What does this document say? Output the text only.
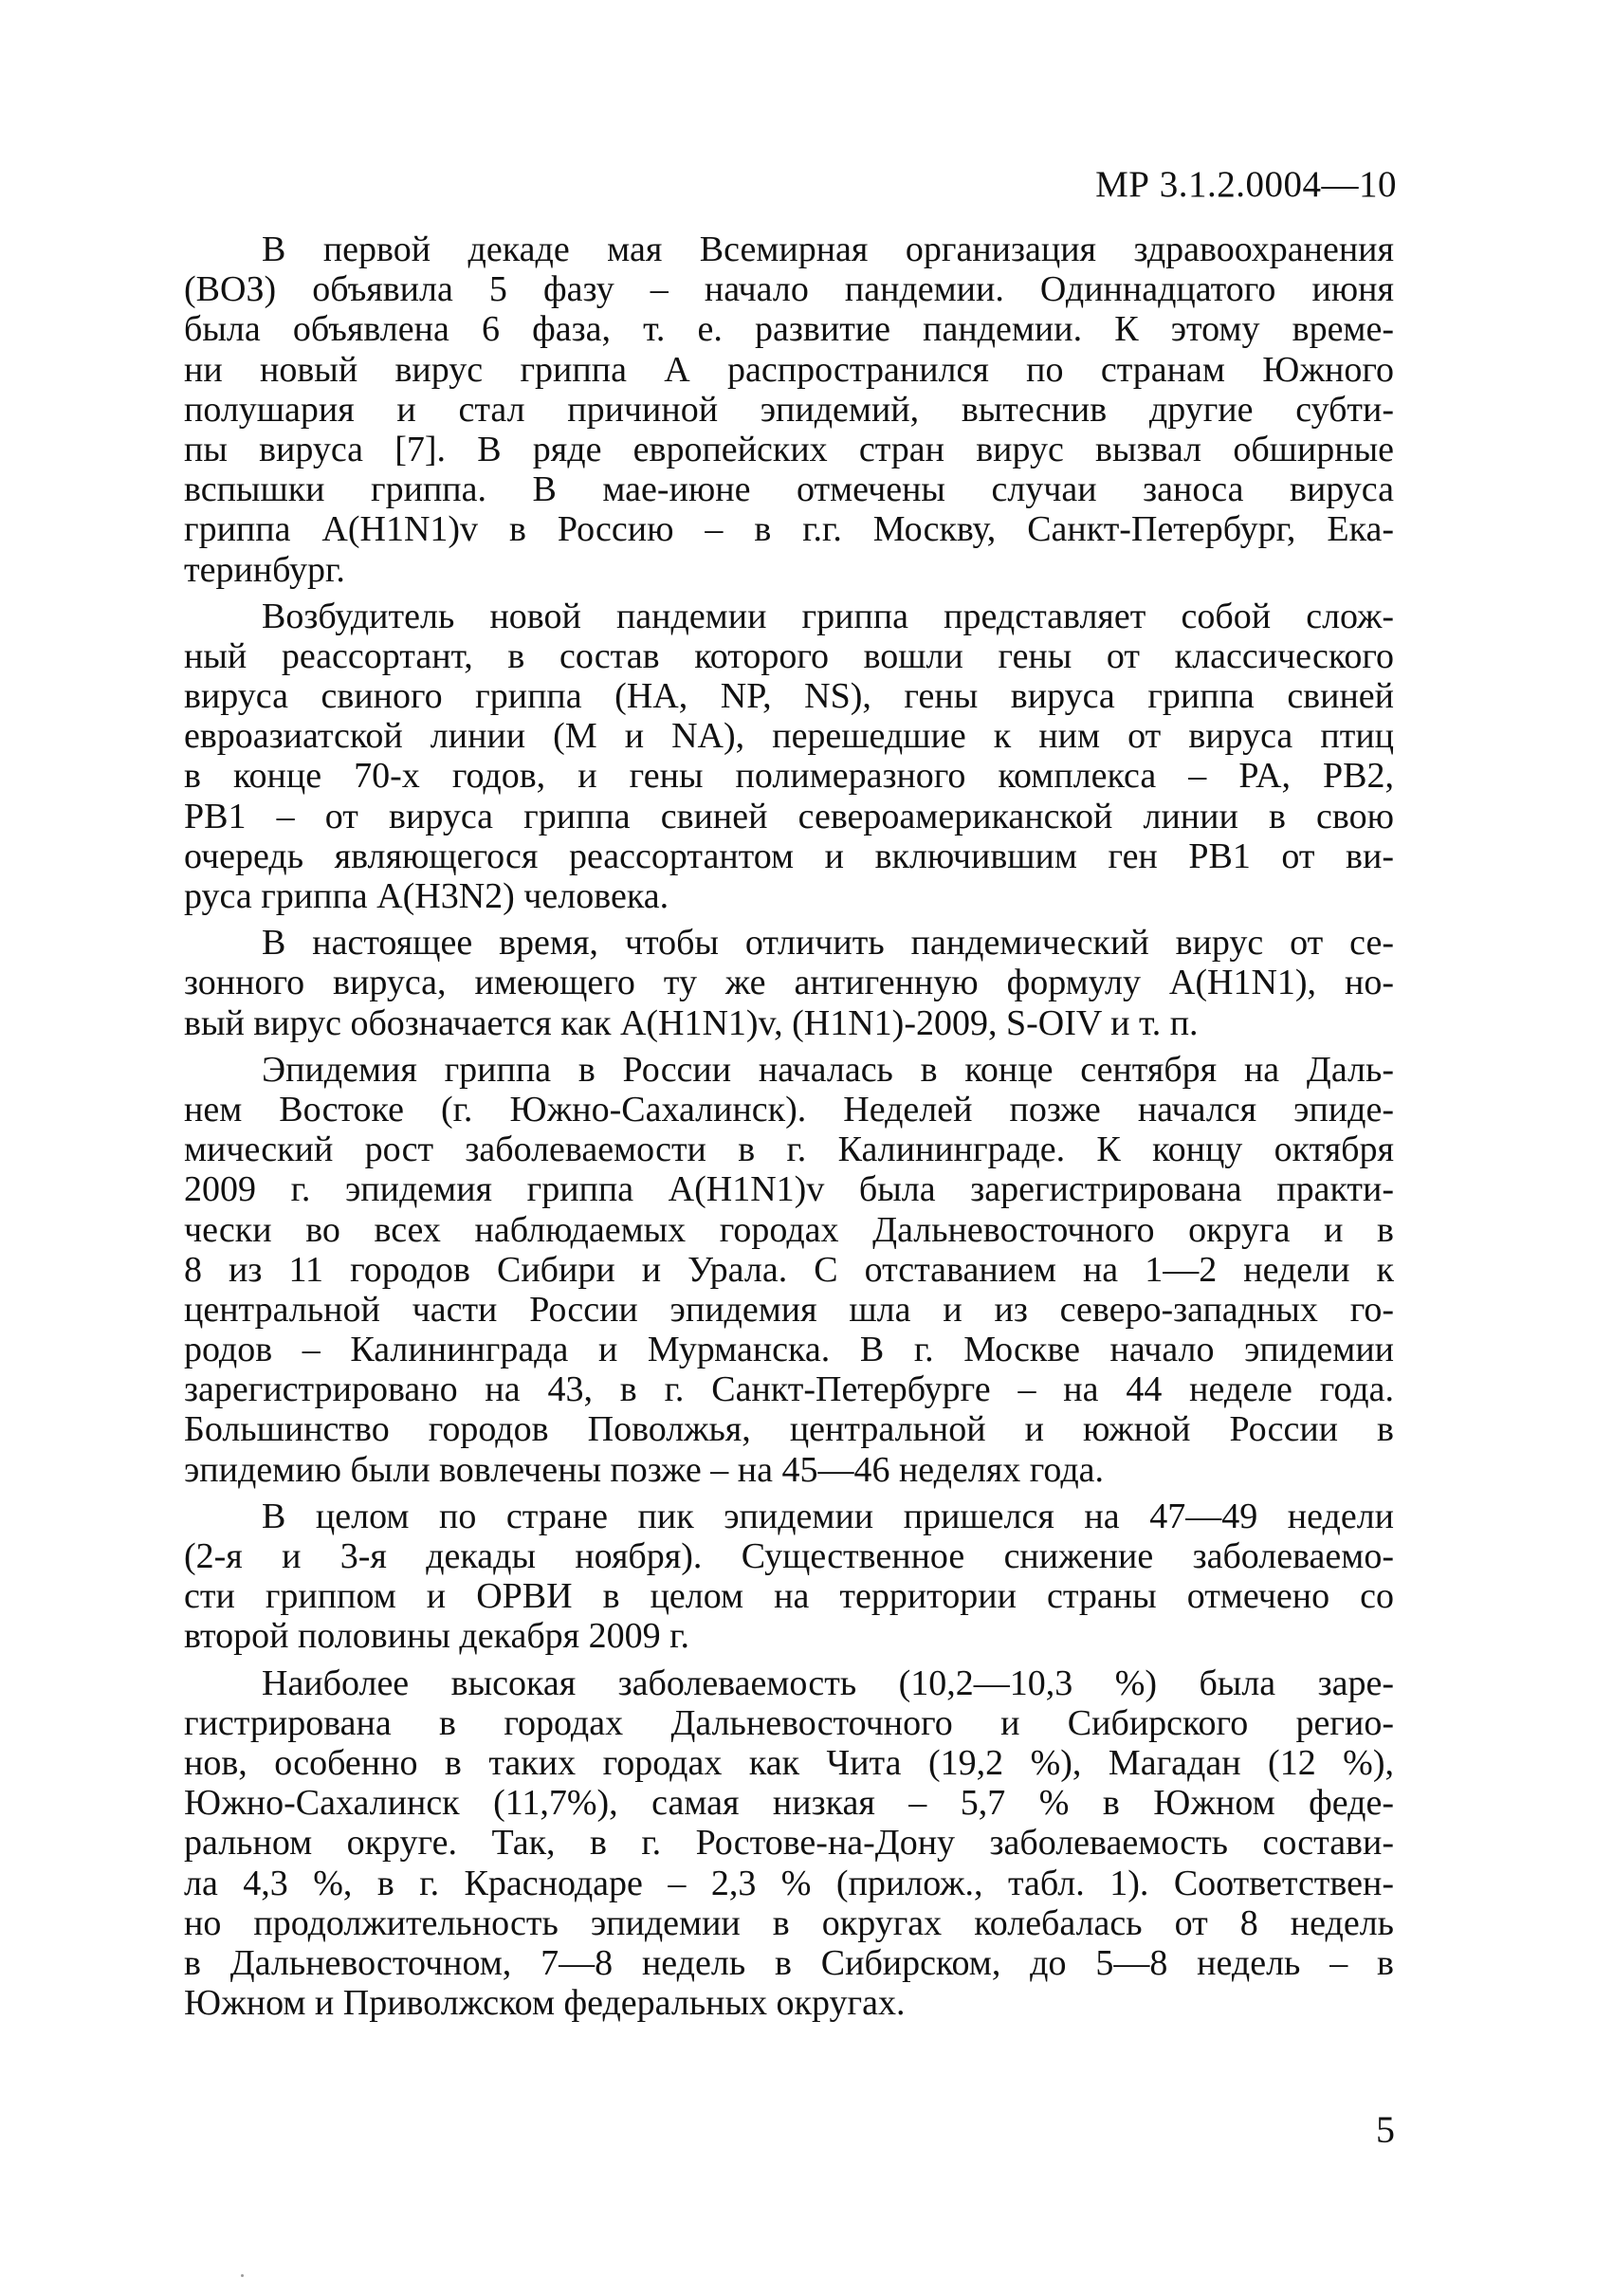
МР 3.1.2.0004—10
В первой декаде мая Всемирная организация здравоохранения
(ВОЗ) объявила 5 фазу – начало пандемии. Одиннадцатого июня
была объявлена 6 фаза, т. е. развитие пандемии. К этому време-
ни новый вирус гриппа А распространился по странам Южного
полушария и стал причиной эпидемий, вытеснив другие субти-
пы вируса [7]. В ряде европейских стран вирус вызвал обширные
вспышки гриппа. В мае-июне отмечены случаи заноса вируса
гриппа A(H1N1)v в Россию – в г.г. Москву, Санкт-Петербург, Ека-
теринбург.
Возбудитель новой пандемии гриппа представляет собой слож-
ный реассортант, в состав которого вошли гены от классического
вируса свиного гриппа (HA, NP, NS), гены вируса гриппа свиней
евроазиатской линии (M и NA), перешедшие к ним от вируса птиц
в конце 70-х годов, и гены полимеразного комплекса – PA, PB2,
PB1 – от вируса гриппа свиней североамериканской линии в свою
очередь являющегося реассортантом и включившим ген PB1 от ви-
руса гриппа A(H3N2) человека.
В настоящее время, чтобы отличить пандемический вирус от се-
зонного вируса, имеющего ту же антигенную формулу A(H1N1), но-
вый вирус обозначается как A(H1N1)v, (H1N1)-2009, S-OIV и т. п.
Эпидемия гриппа в России началась в конце сентября на Даль-
нем Востоке (г. Южно-Сахалинск). Неделей позже начался эпиде-
мический рост заболеваемости в г. Калининграде. К концу октября
2009 г. эпидемия гриппа A(H1N1)v была зарегистрирована практи-
чески во всех наблюдаемых городах Дальневосточного округа и в
8 из 11 городов Сибири и Урала. С отставанием на 1—2 недели к
центральной части России эпидемия шла и из северо-западных го-
родов – Калининграда и Мурманска. В г. Москве начало эпидемии
зарегистрировано на 43, в г. Санкт-Петербурге – на 44 неделе года.
Большинство городов Поволжья, центральной и южной России в
эпидемию были вовлечены позже – на 45—46 неделях года.
В целом по стране пик эпидемии пришелся на 47—49 недели
(2-я и 3-я декады ноября). Существенное снижение заболеваемо-
сти гриппом и ОРВИ в целом на территории страны отмечено со
второй половины декабря 2009 г.
Наиболее высокая заболеваемость (10,2—10,3 %) была заре-
гистрирована в городах Дальневосточного и Сибирского регио-
нов, особенно в таких городах как Чита (19,2 %), Магадан (12 %),
Южно-Сахалинск (11,7%), самая низкая – 5,7 % в Южном феде-
ральном округе. Так, в г. Ростове-на-Дону заболеваемость состави-
ла 4,3 %, в г. Краснодаре – 2,3 % (прилож., табл. 1). Соответствен-
но продолжительность эпидемии в округах колебалась от 8 недель
в Дальневосточном, 7—8 недель в Сибирском, до 5—8 недель – в
Южном и Приволжском федеральных округах.
5
